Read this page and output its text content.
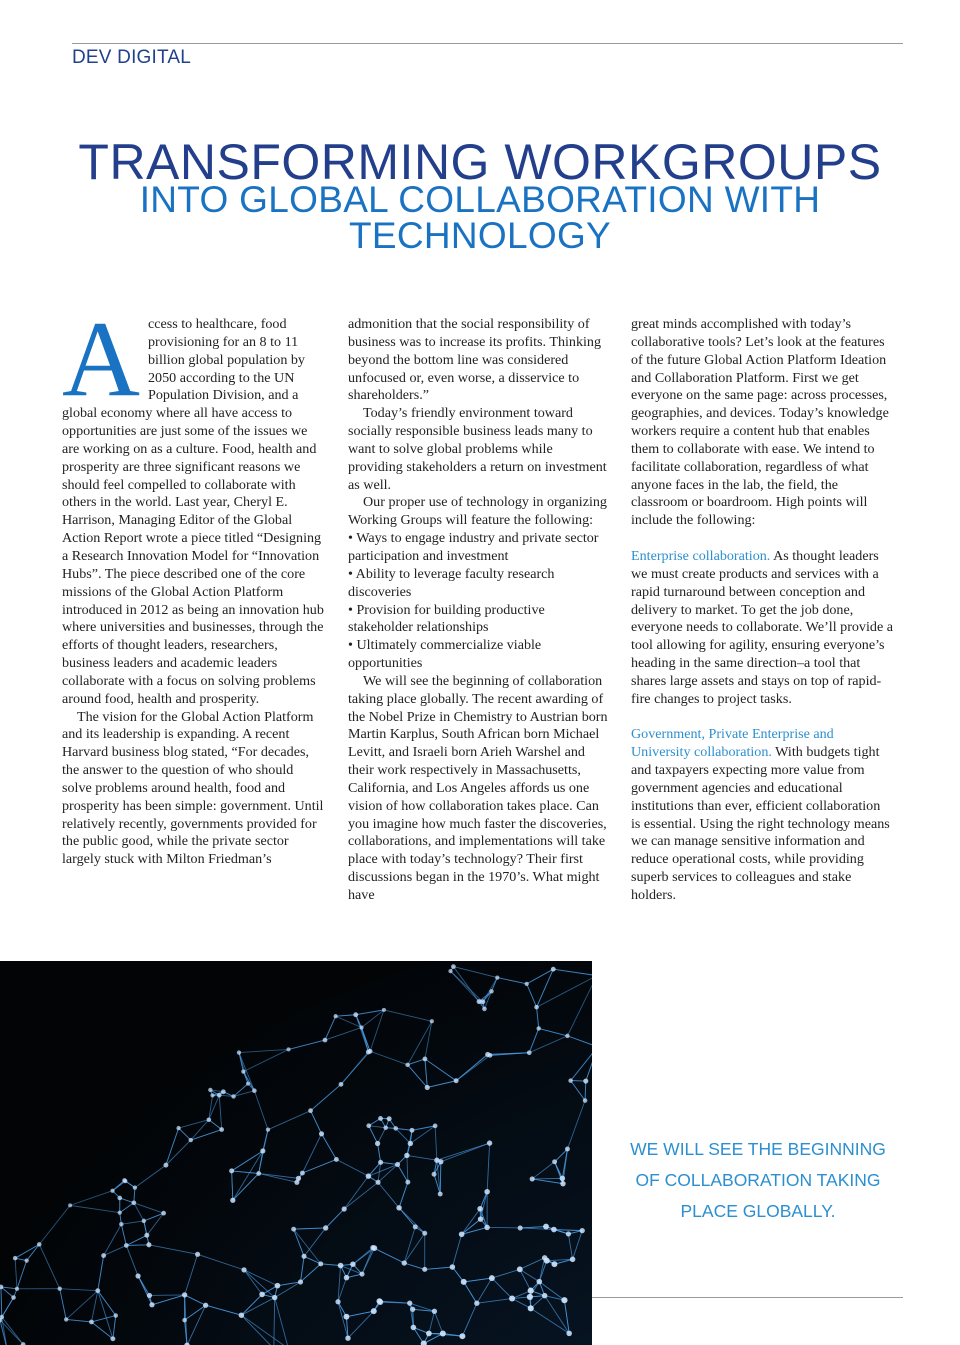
DEV DIGITAL
TRANSFORMING WORKGROUPS
INTO GLOBAL COLLABORATION WITH
TECHNOLOGY
A ccess to healthcare, food provisioning for an 8 to 11 billion global population by 2050 according to the UN Population Division, and a global economy where all have access to opportunities are just some of the issues we are working on as a culture. Food, health and prosperity are three significant reasons we should feel compelled to collaborate with others in the world. Last year, Cheryl E. Harrison, Managing Editor of the Global Action Report wrote a piece titled “Designing a Research Innovation Model for “Innovation Hubs”. The piece described one of the core missions of the Global Action Platform introduced in 2012 as being an innovation hub where universities and businesses, through the efforts of thought leaders, researchers, business leaders and academic leaders collaborate with a focus on solving problems around food, health and prosperity.

The vision for the Global Action Platform and its leadership is expanding. A recent Harvard business blog stated, “For decades, the answer to the question of who should solve problems around health, food and prosperity has been simple: government. Until relatively recently, governments provided for the public good, while the private sector largely stuck with Milton Friedman’s

admonition that the social responsibility of business was to increase its profits. Thinking beyond the bottom line was considered unfocused or, even worse, a disservice to shareholders.”

Today’s friendly environment toward socially responsible business leads many to want to solve global problems while providing stakeholders a return on investment as well.

Our proper use of technology in organizing Working Groups will feature the following:

• Ways to engage industry and private sector participation and investment

• Ability to leverage faculty research discoveries

• Provision for building productive stakeholder relationships

• Ultimately commercialize viable opportunities

We will see the beginning of collaboration taking place globally. The recent awarding of the Nobel Prize in Chemistry to Austrian born Martin Karplus, South African born Michael Levitt, and Israeli born Arieh Warshel and their work respectively in Massachusetts, California, and Los Angeles affords us one vision of how collaboration takes place. Can you imagine how much faster the discoveries, collaborations, and implementations will take place with today’s technology? Their first discussions began in the 1970’s. What might have

great minds accomplished with today’s collaborative tools? Let’s look at the features of the future Global Action Platform Ideation and Collaboration Platform. First we get everyone on the same page: across processes, geographies, and devices. Today’s knowledge workers require a content hub that enables them to collaborate with ease. We intend to facilitate collaboration, regardless of what anyone faces in the lab, the field, the classroom or boardroom. High points will include the following:

Enterprise collaboration. As thought leaders we must create products and services with a rapid turnaround between conception and delivery to market. To get the job done, everyone needs to collaborate. We’ll provide a tool allowing for agility, ensuring everyone’s heading in the same direction–a tool that shares large assets and stays on top of rapid-fire changes to project tasks.

Government, Private Enterprise and University collaboration. With budgets tight and taxpayers expecting more value from government agencies and educational institutions than ever, efficient collaboration is essential. Using the right technology means we can manage sensitive information and reduce operational costs, while providing superb services to colleagues and stake holders.

WE WILL SEE THE BEGINNING
OF COLLABORATION TAKING
PLACE GLOBALLY.
